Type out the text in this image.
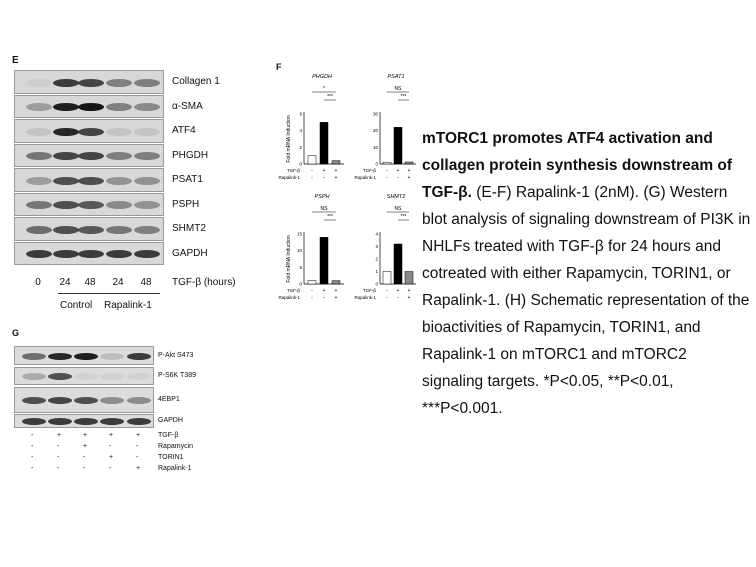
E
Collagen 1
α-SMA
ATF4
PHGDH
PSAT1
PSPH
SHMT2
GAPDH
0	24	48	24	48	TGF-β (hours)
Control Rapalink-1
F
PHGDH
0
2
4
6
Fold mRNA Induction
*
***
TGF-β - + +
Rapalink-1 - - +
PSAT1
0
10
20
30
NS
***
TGF-β - + +
Rapalink-1 - - +
PSPH
0
5
10
15
Fold mRNA Induction
NS
***
TGF-β - + +
Rapalink-1 - - +
SHMT2
0
1
2
3
4
NS
***
TGF-β - + +
Rapalink-1 - - +
G
P-Akt S473
P-S6K T389
4EBP1
GAPDH
-	+	+	+	+	TGF-β
-	-	+	-	-	Rapamycin
-	-	-	+	-	TORIN1
-	-	-	-	+	Rapalink-1
mTORC1 promotes ATF4 activation and collagen protein synthesis downstream of TGF-β. (E-F) Rapalink-1 (2nM). (G) Western blot analysis of signaling downstream of PI3K in NHLFs treated with TGF-β for 24 hours and cotreated with either Rapamycin, TORIN1, or Rapalink-1. (H) Schematic representation of the bioactivities of Rapamycin, TORIN1, and Rapalink-1 on mTORC1 and mTORC2 signaling targets. *P<0.05, **P<0.01, ***P<0.001.
